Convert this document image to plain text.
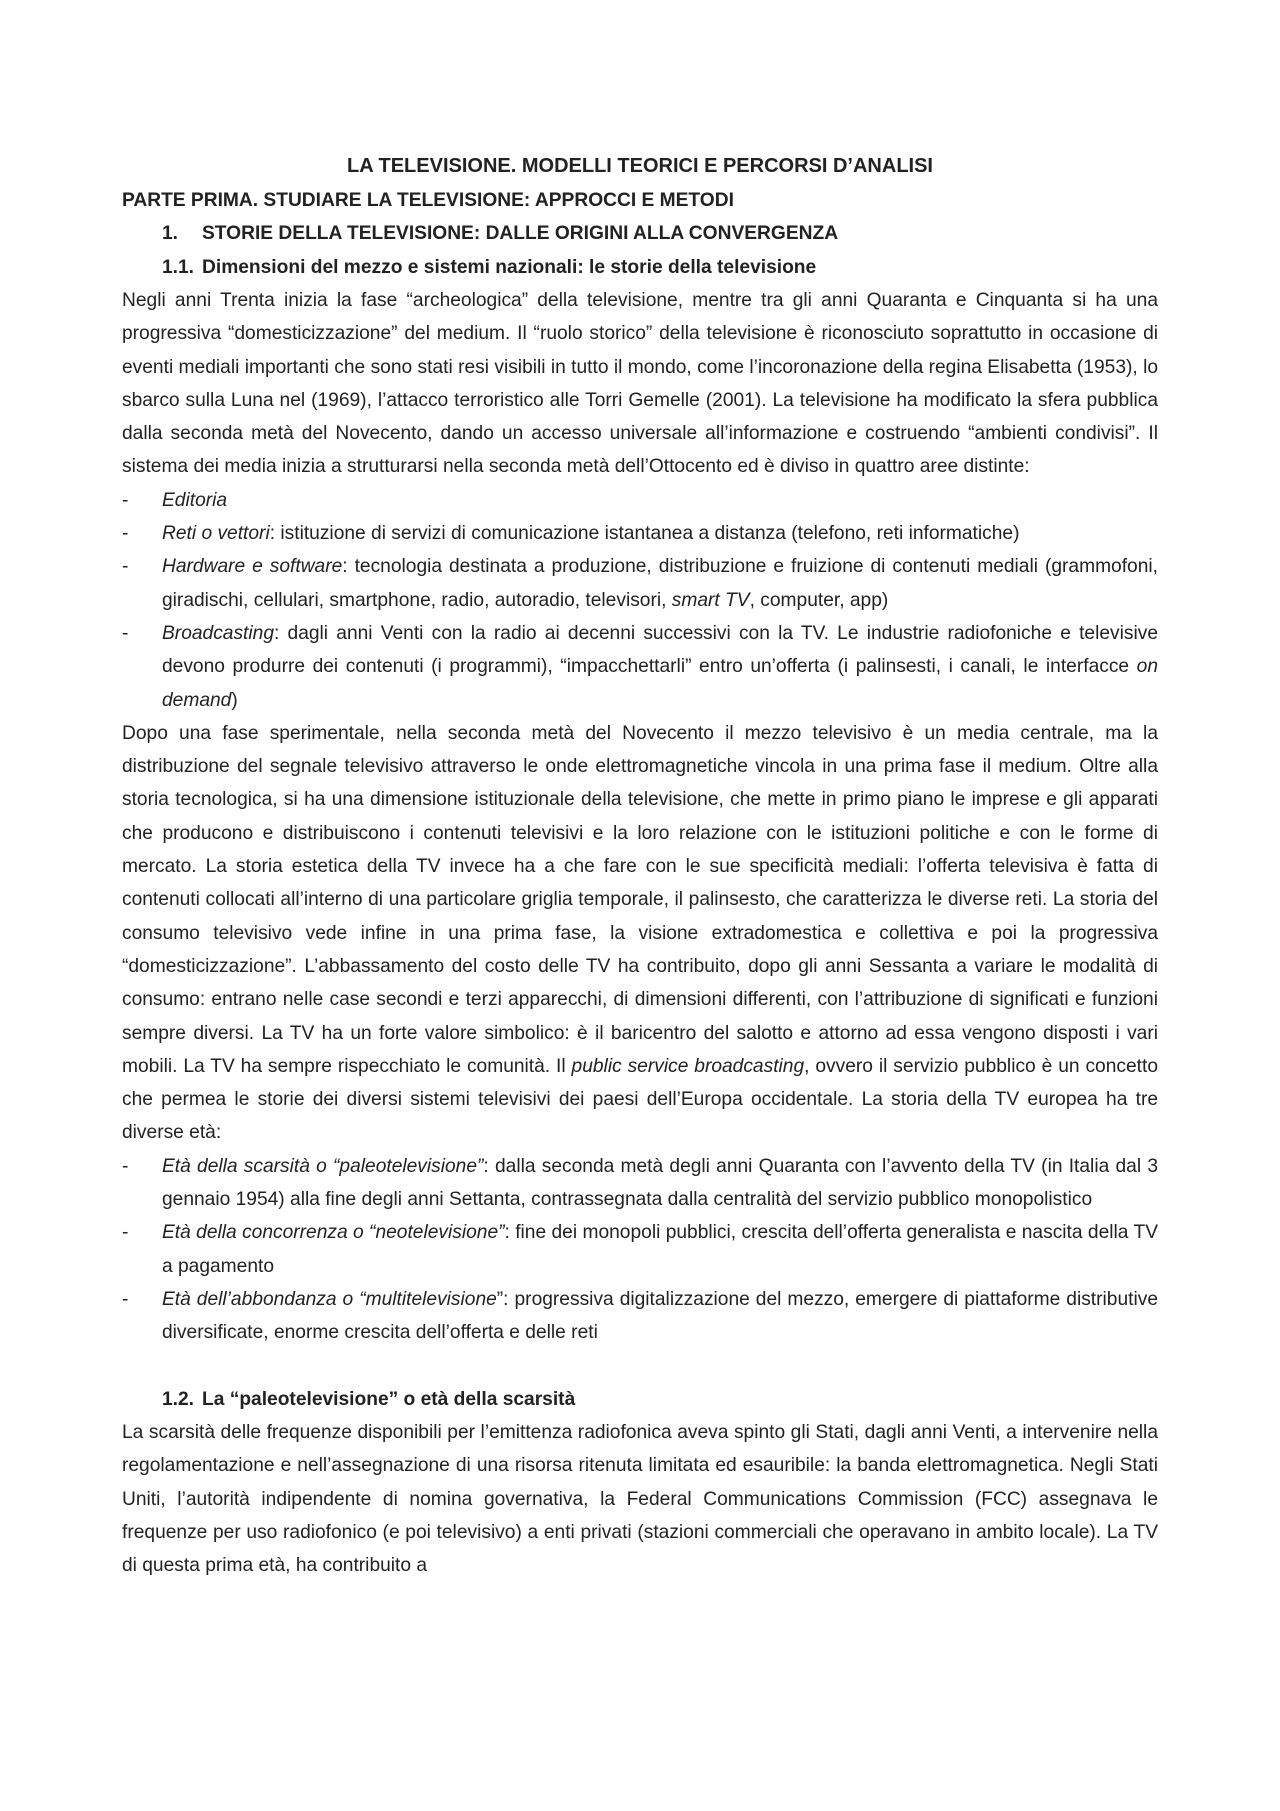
LA TELEVISIONE. MODELLI TEORICI E PERCORSI D’ANALISI
PARTE PRIMA. STUDIARE LA TELEVISIONE: APPROCCI E METODI
1.	STORIE DELLA TELEVISIONE: DALLE ORIGINI ALLA CONVERGENZA
1.1. Dimensioni del mezzo e sistemi nazionali: le storie della televisione

Negli anni Trenta inizia la fase “archeologica” della televisione, mentre tra gli anni Quaranta e Cinquanta si ha una progressiva “domesticizzazione” del medium. Il “ruolo storico” della televisione è riconosciuto soprattutto in occasione di eventi mediali importanti che sono stati resi visibili in tutto il mondo, come l’incoronazione della regina Elisabetta (1953), lo sbarco sulla Luna nel (1969), l’attacco terroristico alle Torri Gemelle (2001). La televisione ha modificato la sfera pubblica dalla seconda metà del Novecento, dando un accesso universale all’informazione e costruendo “ambienti condivisi”. Il sistema dei media inizia a strutturarsi nella seconda metà dell’Ottocento ed è diviso in quattro aree distinte:

- Editoria
- Reti o vettori: istituzione di servizi di comunicazione istantanea a distanza (telefono, reti informatiche)
- Hardware e software: tecnologia destinata a produzione, distribuzione e fruizione di contenuti mediali (grammofoni, giradischi, cellulari, smartphone, radio, autoradio, televisori, smart TV, computer, app)
- Broadcasting: dagli anni Venti con la radio ai decenni successivi con la TV. Le industrie radiofoniche e televisive devono produrre dei contenuti (i programmi), “impacchettarli” entro un’offerta (i palinsesti, i canali, le interfacce on demand)

Dopo una fase sperimentale, nella seconda metà del Novecento il mezzo televisivo è un media centrale, ma la distribuzione del segnale televisivo attraverso le onde elettromagnetiche vincola in una prima fase il medium. Oltre alla storia tecnologica, si ha una dimensione istituzionale della televisione, che mette in primo piano le imprese e gli apparati che producono e distribuiscono i contenuti televisivi e la loro relazione con le istituzioni politiche e con le forme di mercato. La storia estetica della TV invece ha a che fare con le sue specificità mediali: l’offerta televisiva è fatta di contenuti collocati all’interno di una particolare griglia temporale, il palinsesto, che caratterizza le diverse reti. La storia del consumo televisivo vede infine in una prima fase, la visione extradomestica e collettiva e poi la progressiva “domesticizzazione”. L’abbassamento del costo delle TV ha contribuito, dopo gli anni Sessanta a variare le modalità di consumo: entrano nelle case secondi e terzi apparecchi, di dimensioni differenti, con l’attribuzione di significati e funzioni sempre diversi. La TV ha un forte valore simbolico: è il baricentro del salotto e attorno ad essa vengono disposti i vari mobili. La TV ha sempre rispecchiato le comunità. Il public service broadcasting, ovvero il servizio pubblico è un concetto che permea le storie dei diversi sistemi televisivi dei paesi dell’Europa occidentale. La storia della TV europea ha tre diverse età:

- Età della scarsità o “paleotelevisione”: dalla seconda metà degli anni Quaranta con l’avvento della TV (in Italia dal 3 gennaio 1954) alla fine degli anni Settanta, contrassegnata dalla centralità del servizio pubblico monopolistico
- Età della concorrenza o “neotelevisione”: fine dei monopoli pubblici, crescita dell’offerta generalista e nascita della TV a pagamento
- Età dell’abbondanza o “multitelevisione”: progressiva digitalizzazione del mezzo, emergere di piattaforme distributive diversificate, enorme crescita dell’offerta e delle reti
1.2. La “paleotelevisione” o età della scarsità

La scarsità delle frequenze disponibili per l’emittenza radiofonica aveva spinto gli Stati, dagli anni Venti, a intervenire nella regolamentazione e nell’assegnazione di una risorsa ritenuta limitata ed esauribile: la banda elettromagnetica. Negli Stati Uniti, l’autorità indipendente di nomina governativa, la Federal Communications Commission (FCC) assegnava le frequenze per uso radiofonico (e poi televisivo) a enti privati (stazioni commerciali che operavano in ambito locale). La TV di questa prima età, ha contribuito a
